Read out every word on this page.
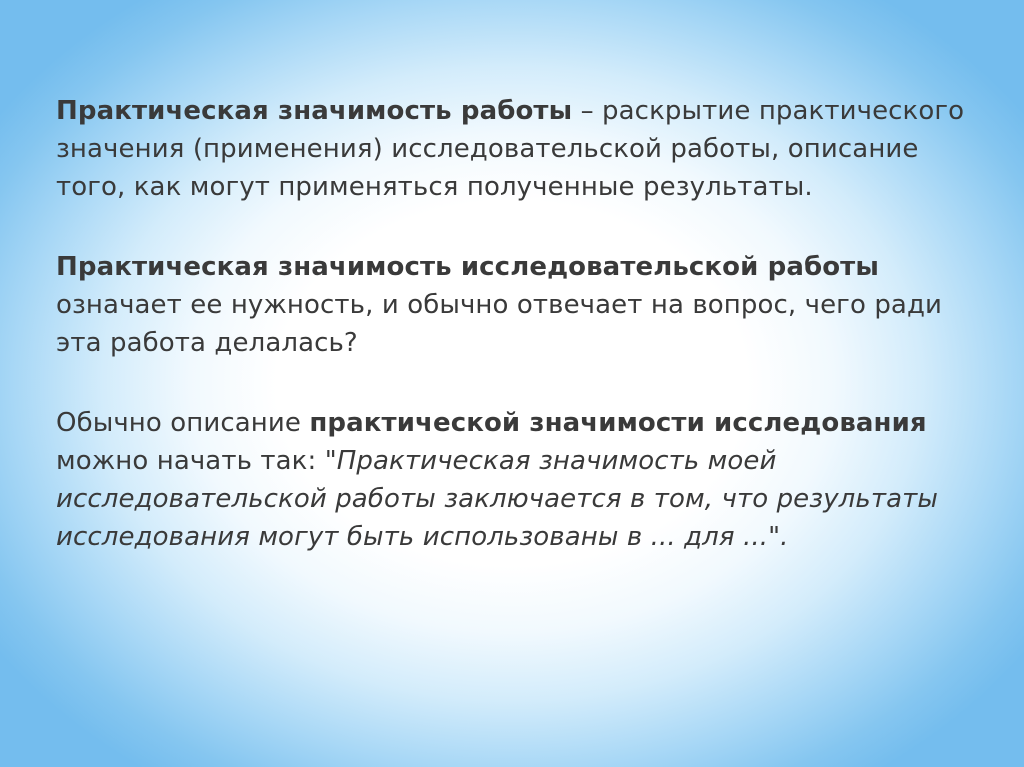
Практическая значимость работы – раскрытие практического значения (применения) исследовательской работы, описание того, как могут применяться полученные результаты.

Практическая значимость исследовательской работы означает ее нужность, и обычно отвечает на вопрос, чего ради эта работа делалась?

Обычно описание практической значимости исследования можно начать так: "Практическая значимость моей исследовательской работы заключается в том, что результаты исследования могут быть использованы в ... для ...".
